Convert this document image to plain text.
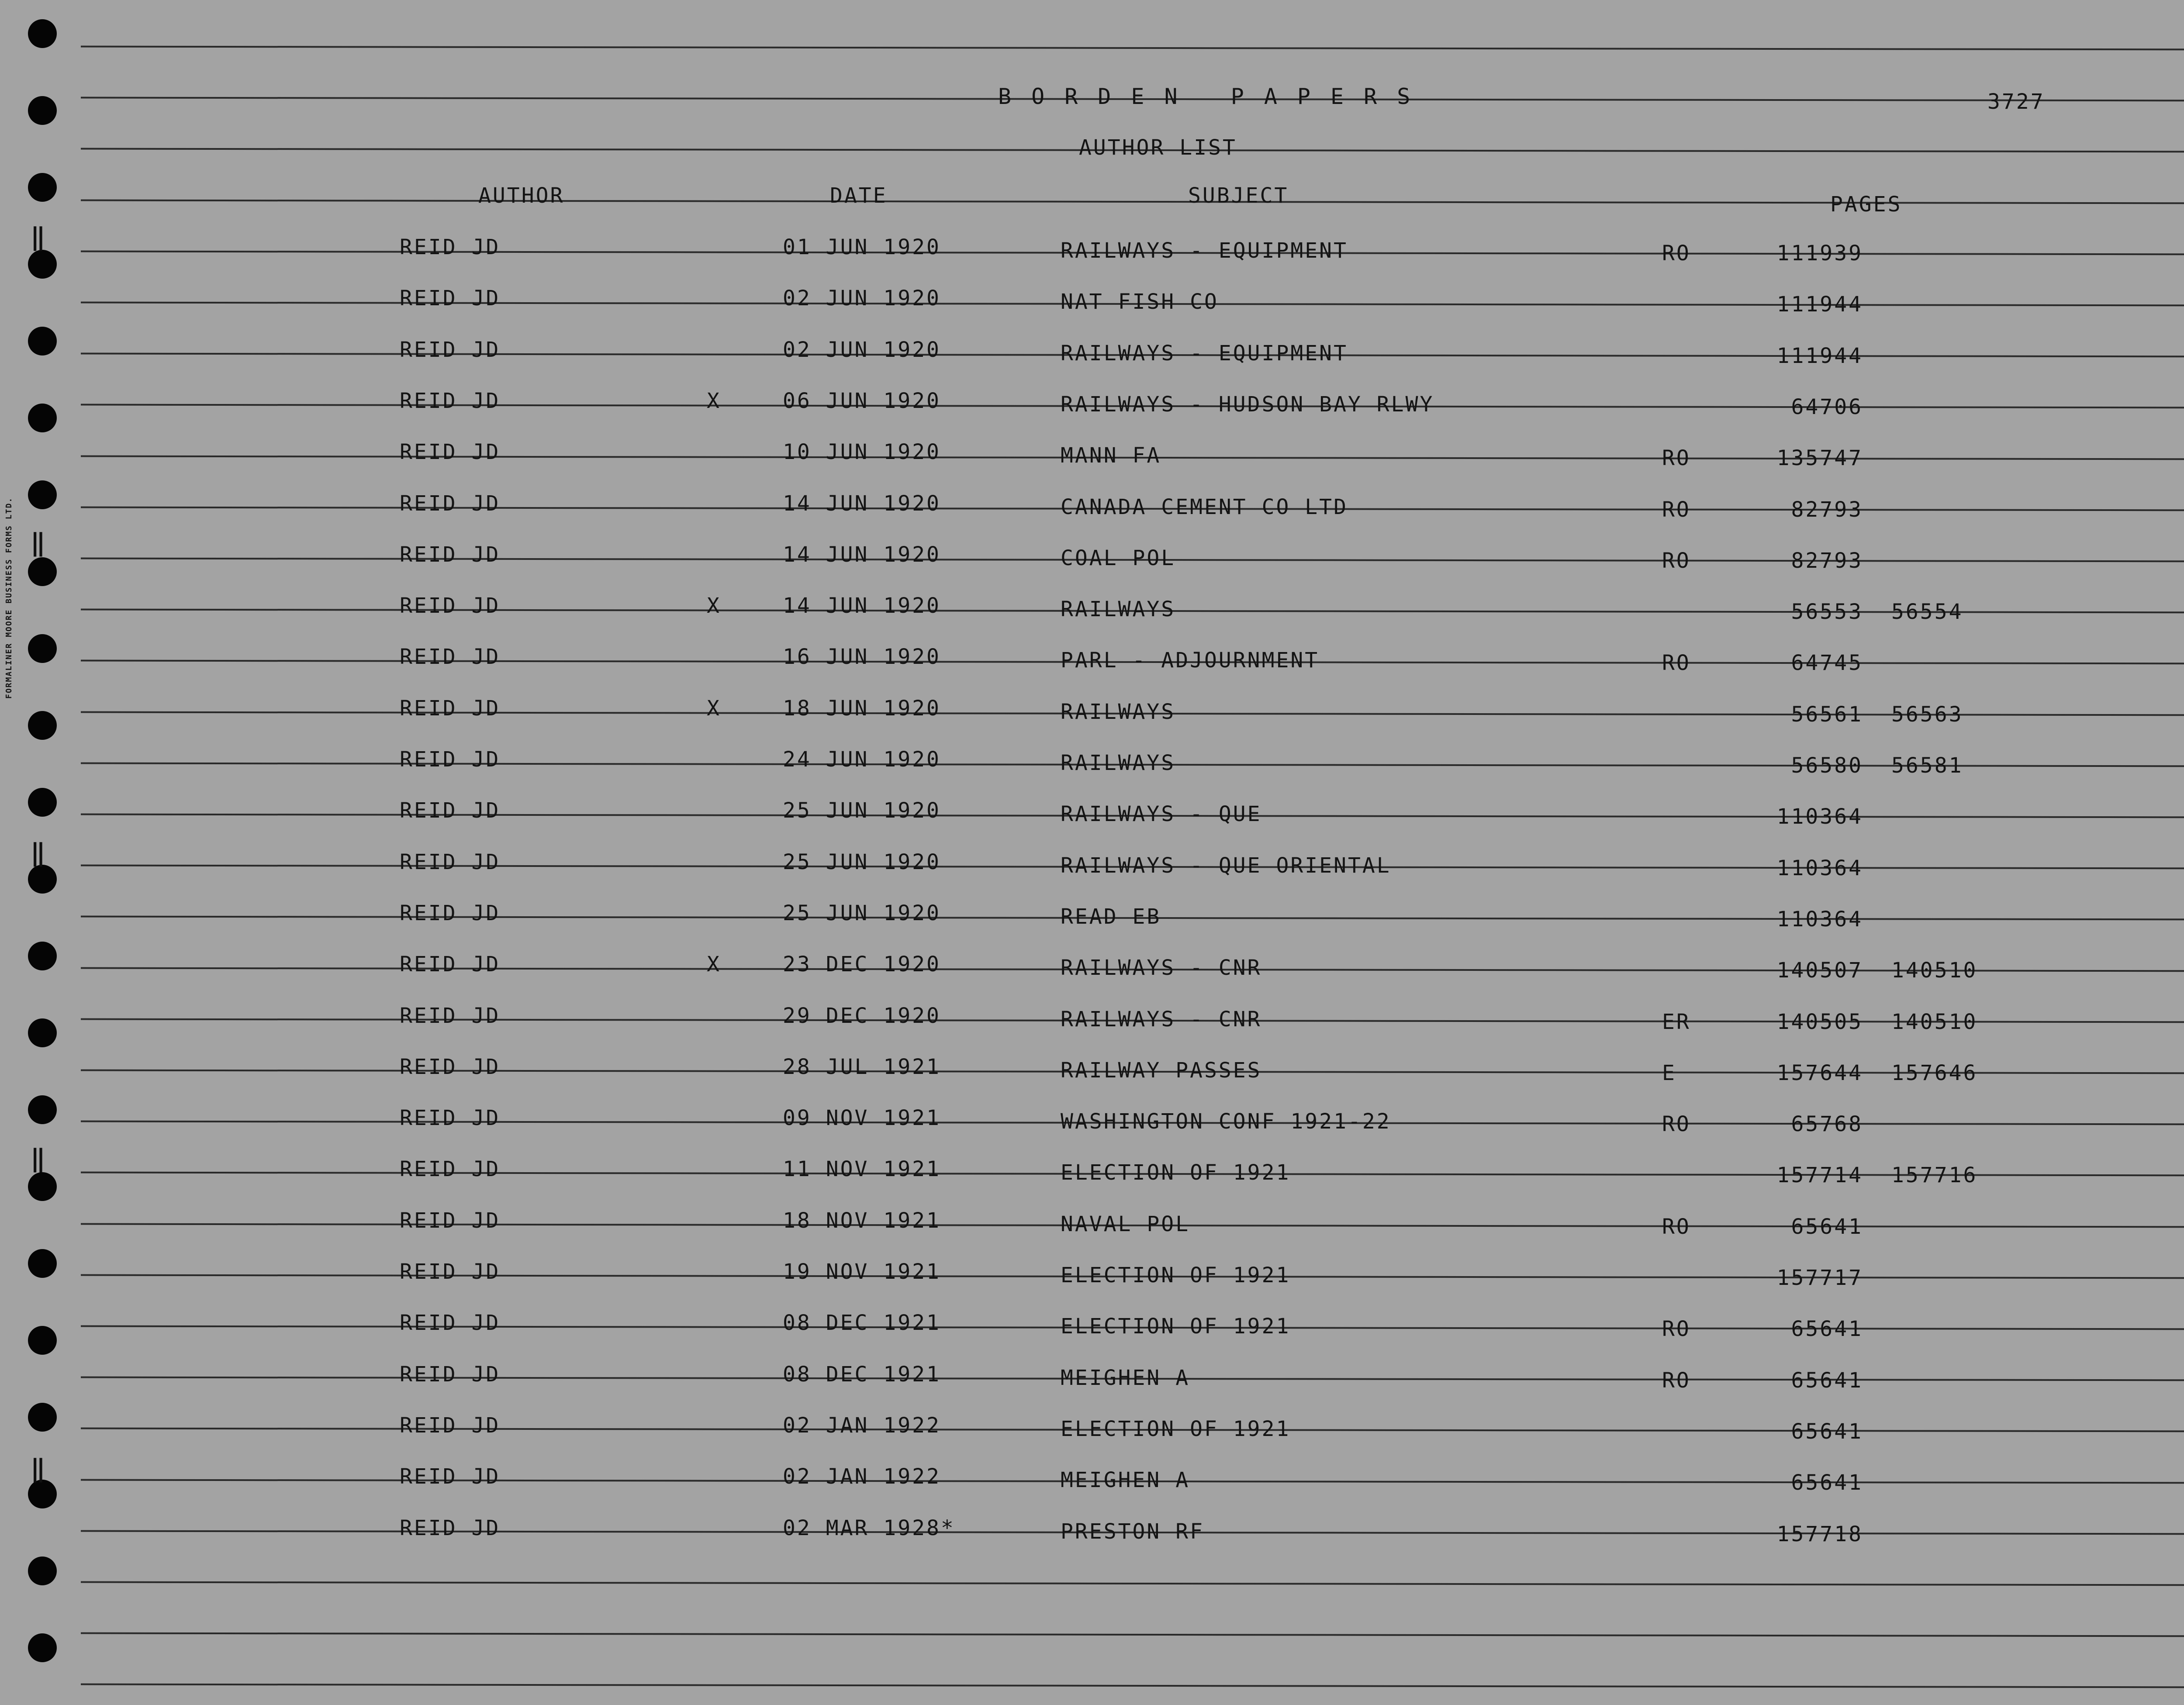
‖
‖
‖
‖
‖
BORDEN PAPERS	3727
AUTHOR LIST
AUTHOR	DATE	SUBJECT	PAGES
FORMALINER MOORE BUSINESS FORMS LTD.
REID JD	01 JUN 1920	RAILWAYS - EQUIPMENT	RO	111939
REID JD	02 JUN 1920	NAT FISH CO	111944
REID JD	02 JUN 1920	RAILWAYS - EQUIPMENT	111944
REID JD	X	06 JUN 1920	RAILWAYS - HUDSON BAY RLWY	64706
REID JD	10 JUN 1920	MANN FA	RO	135747
REID JD	14 JUN 1920	CANADA CEMENT CO LTD	RO	82793
REID JD	14 JUN 1920	COAL POL	RO	82793
REID JD	X	14 JUN 1920	RAILWAYS	56553 56554
REID JD	16 JUN 1920	PARL - ADJOURNMENT	RO	64745
REID JD	X	18 JUN 1920	RAILWAYS	56561 56563
REID JD	24 JUN 1920	RAILWAYS	56580 56581
REID JD	25 JUN 1920	RAILWAYS - QUE	110364
REID JD	25 JUN 1920	RAILWAYS - QUE ORIENTAL	110364
REID JD	25 JUN 1920	READ EB	110364
REID JD	X	23 DEC 1920	RAILWAYS - CNR	140507 140510
REID JD	29 DEC 1920	RAILWAYS - CNR	ER	140505 140510
REID JD	28 JUL 1921	RAILWAY PASSES	E	157644 157646
REID JD	09 NOV 1921	WASHINGTON CONF 1921-22	RO	65768
REID JD	11 NOV 1921	ELECTION OF 1921	157714 157716
REID JD	18 NOV 1921	NAVAL POL	RO	65641
REID JD	19 NOV 1921	ELECTION OF 1921	157717
REID JD	08 DEC 1921	ELECTION OF 1921	RO	65641
REID JD	08 DEC 1921	MEIGHEN A	RO	65641
REID JD	02 JAN 1922	ELECTION OF 1921	65641
REID JD	02 JAN 1922	MEIGHEN A	65641
REID JD	02 MAR 1928*	PRESTON RF	157718
